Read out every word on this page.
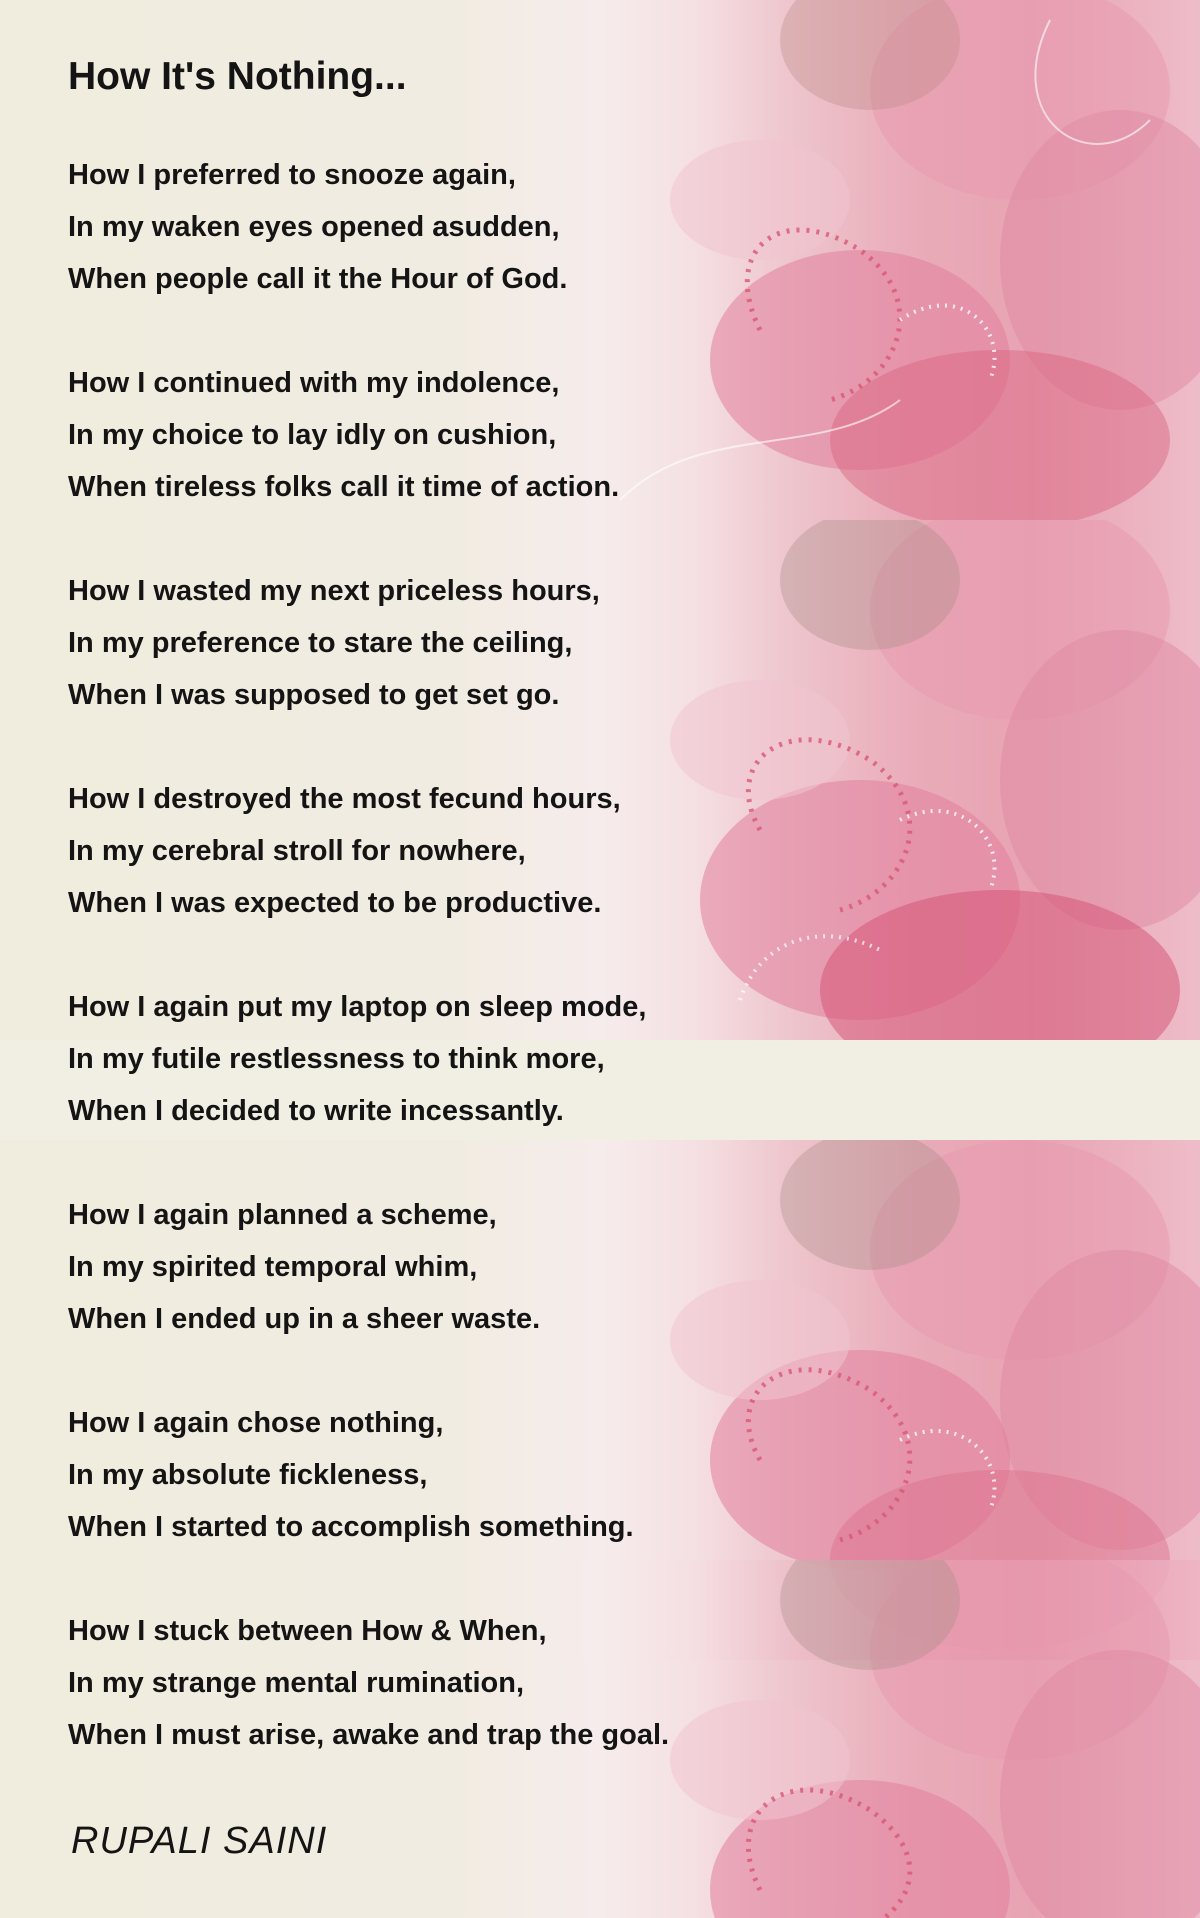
How It's Nothing...

How I preferred to snooze again,
In my waken eyes opened asudden,
When people call it the Hour of God.

How I continued with my indolence,
In my choice to lay idly on cushion,
When tireless folks call it time of action.

How I wasted my next priceless hours,
In my preference to stare the ceiling,
When I was supposed to get set go.

How I destroyed the most fecund hours,
In my cerebral stroll for nowhere,
When I was expected to be productive.

How I again put my laptop on sleep mode,
In my futile restlessness to think more,
When I decided to write incessantly.

How I again planned a scheme,
In my spirited temporal whim,
When I ended up in a sheer waste.

How I again chose nothing,
In my absolute fickleness,
When I started to accomplish something.

How I stuck between How & When,
In my strange mental rumination,
When I must arise, awake and trap the goal.

RUPALI SAINI
